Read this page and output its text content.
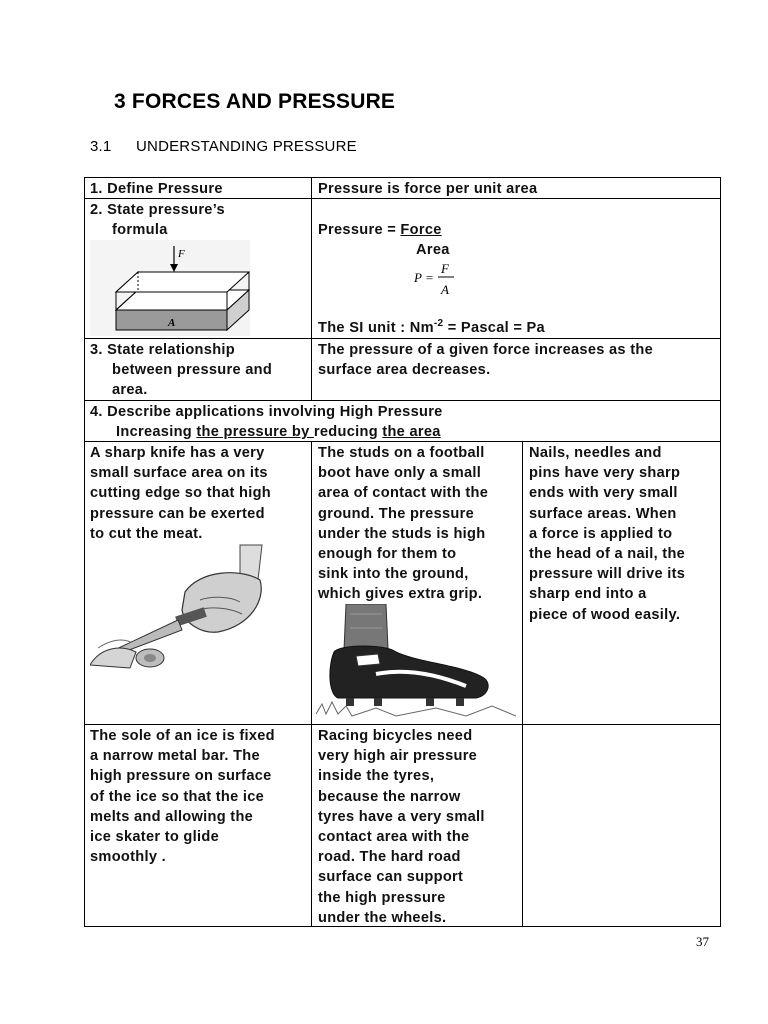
3 FORCES AND PRESSURE
3.1 UNDERSTANDING PRESSURE
1. Define Pressure	Pressure is force per unit area
2. State pressure’s
formula
F
A
Pressure = Force
Area
P =
F
A
The SI unit : $Nm^{-2}$ = Pascal = Pa
3. State relationship
between pressure and
area.
The pressure of a given force increases as the
surface area decreases.
4. Describe applications involving High Pressure
Increasing the pressure by reducing the area
A sharp knife has a very
small surface area on its
cutting edge so that high
pressure can be exerted
to cut the meat.
The studs on a football
boot have only a small
area of contact with the
ground. The pressure
under the studs is high
enough for them to
sink into the ground,
which gives extra grip.
Nails, needles and
pins have very sharp
ends with very small
surface areas. When
a force is applied to
the head of a nail, the
pressure will drive its
sharp end into a
piece of wood easily.
The sole of an ice is fixed
a narrow metal bar. The
high pressure on surface
of the ice so that the ice
melts and allowing the
ice skater to glide
smoothly .
Racing bicycles need
very high air pressure
inside the tyres,
because the narrow
tyres have a very small
contact area with the
road. The hard road
surface can support
the high pressure
under the wheels.
37
